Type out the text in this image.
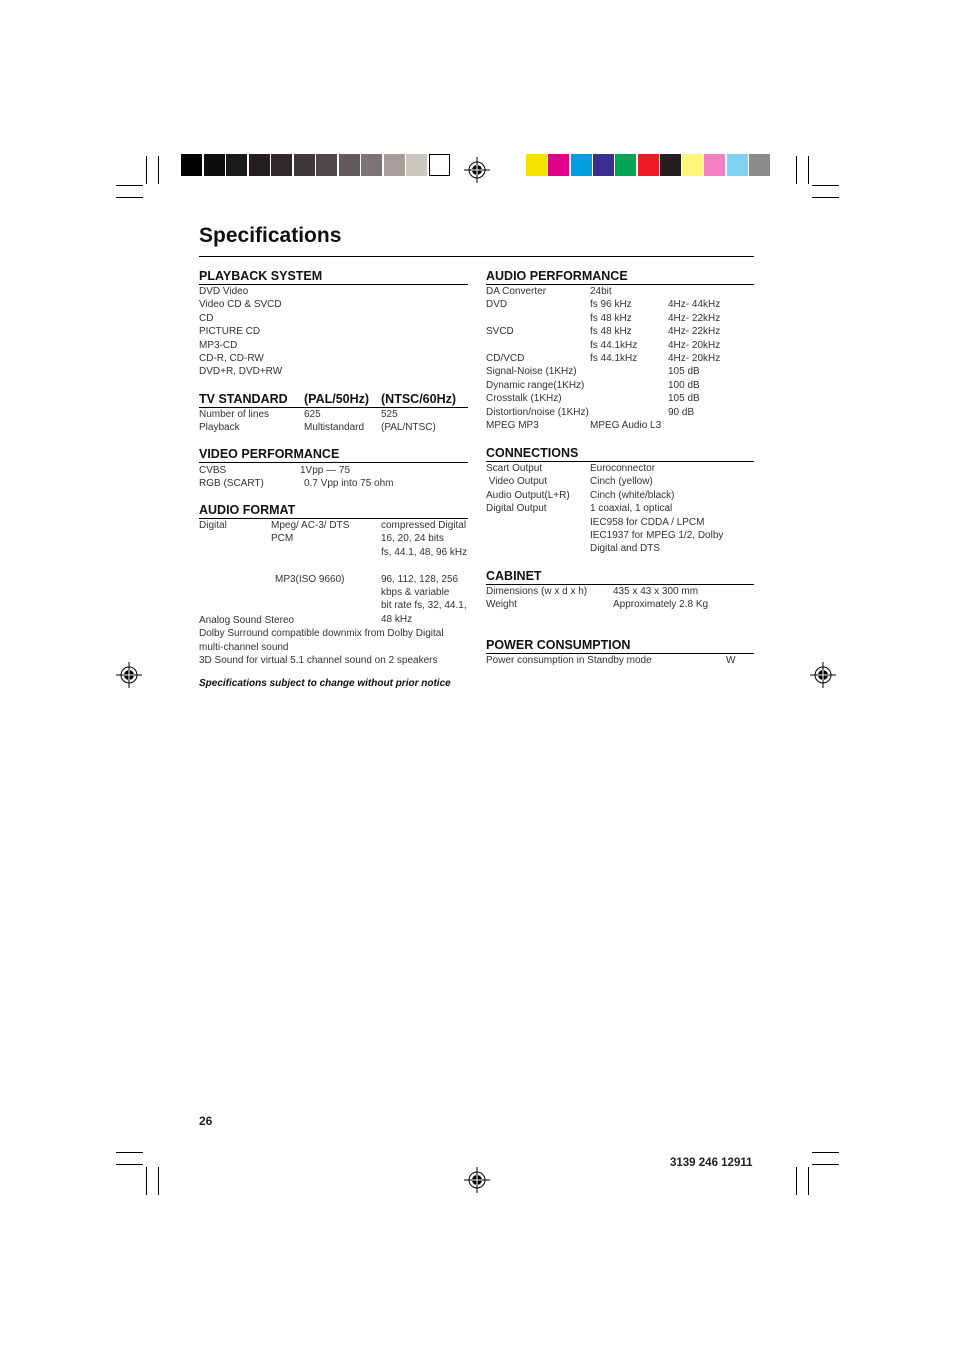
Specifications
PLAYBACK SYSTEM
DVD Video
Video CD & SVCD
CD
PICTURE CD
MP3-CD
CD-R, CD-RW
DVD+R, DVD+RW
TV STANDARD (PAL/50Hz) (NTSC/60Hz)
Number of lines
Playback
625
Multistandard
525
(PAL/NTSC)
VIDEO PERFORMANCE
CVBS
RGB (SCART)
1Vpp — 75
0.7 Vpp into 75 ohm
AUDIO FORMAT
Digital	Mpeg/ AC-3/ DTS
PCM
MP3(ISO 9660)
compressed Digital
16, 20, 24 bits
fs, 44.1, 48, 96 kHz
96, 112, 128, 256
kbps & variable
bit rate fs, 32, 44.1,
48 kHz
Analog Sound Stereo
Dolby Surround compatible downmix from Dolby Digital
multi-channel sound
3D Sound for virtual 5.1 channel sound on 2 speakers
Specifications subject to change without prior notice
AUDIO PERFORMANCE
DA Converter
DVD
SVCD
CD/VCD
Signal-Noise (1KHz)
Dynamic range(1KHz)
Crosstalk (1KHz)
Distortion/noise (1KHz)
MPEG MP3
24bit
fs 96 kHz
fs 48 kHz
fs 48 kHz
fs 44.1kHz
fs 44.1kHz
MPEG Audio L3
4Hz- 44kHz
4Hz- 22kHz
4Hz- 22kHz
4Hz- 20kHz
4Hz- 20kHz
105 dB
100 dB
105 dB
90 dB
CONNECTIONS
Scart Output
Video Output
Audio Output(L+R)
Digital Output
Euroconnector
Cinch (yellow)
Cinch (white/black)
1 coaxial, 1 optical
IEC958 for CDDA / LPCM
IEC1937 for MPEG 1/2, Dolby
Digital and DTS
CABINET
Dimensions (w x d x h)
Weight
435 x 43 x 300 mm
Approximately 2.8 Kg
POWER CONSUMPTION
Power consumption in Standby mode	W
26
3139 246 12911
